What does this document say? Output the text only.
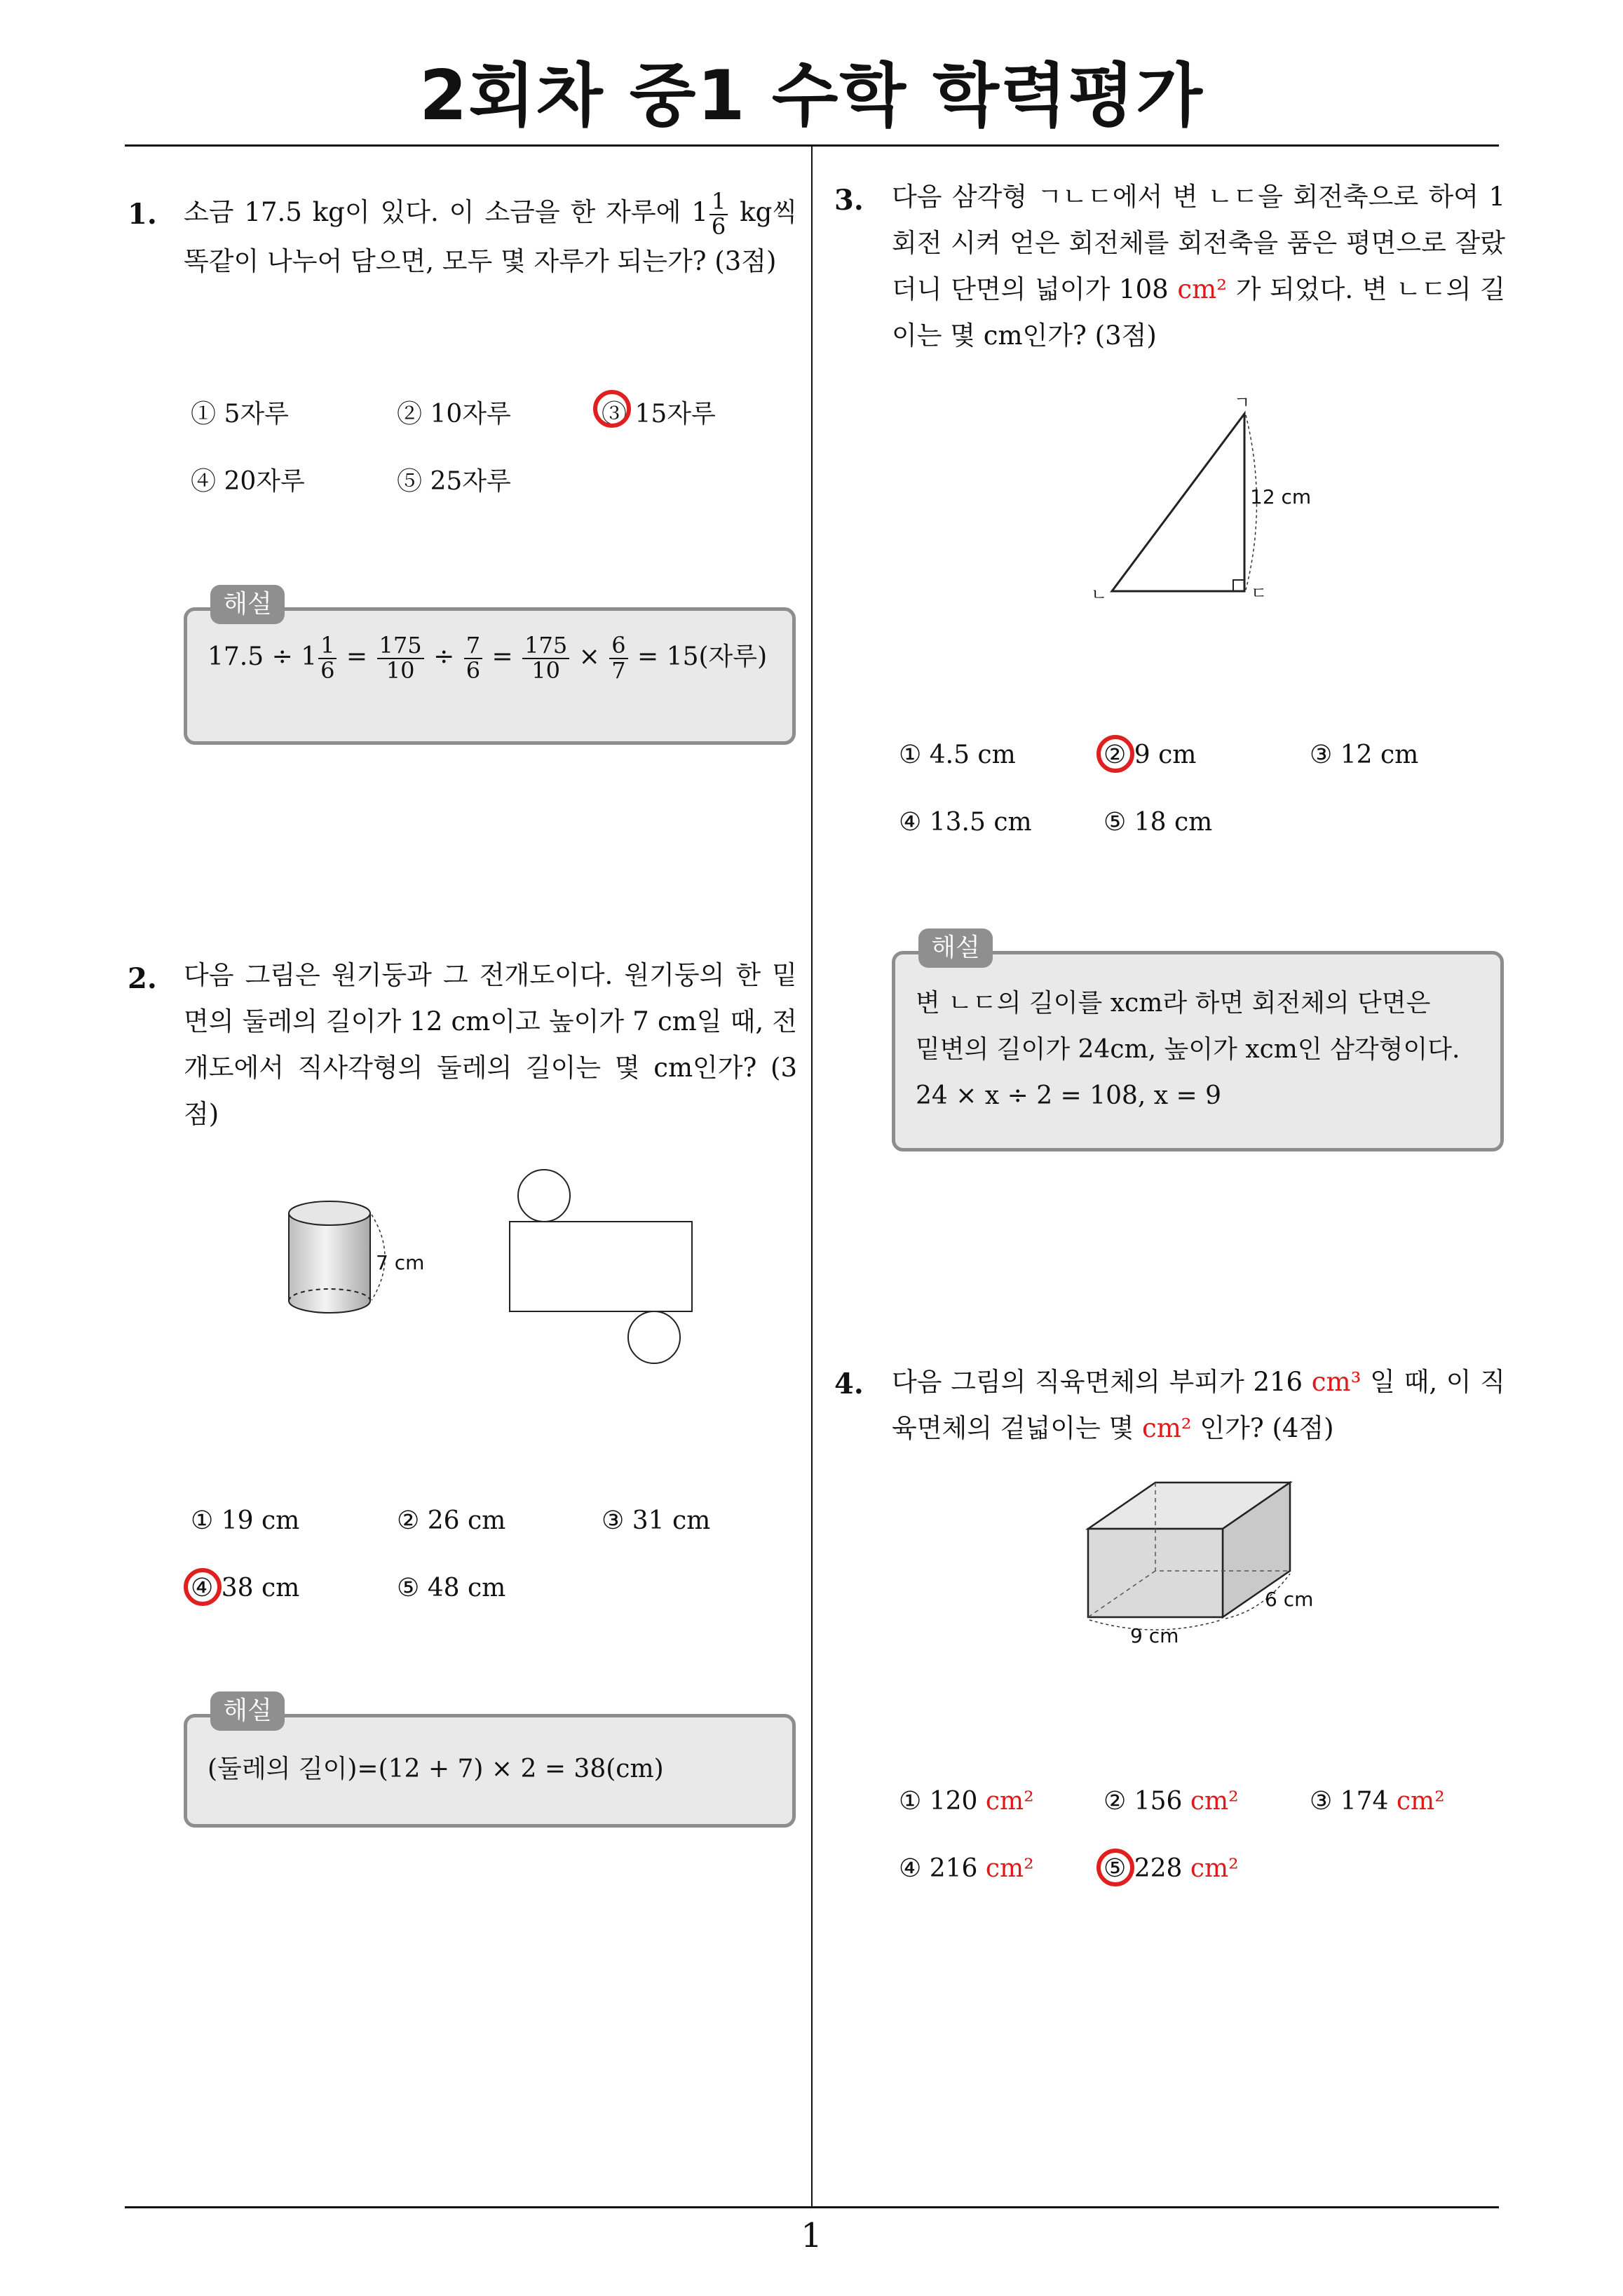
2회차 중1 수학 학력평가
1
1. 소금 17.5 kg이 있다. 이 소금을 한 자루에 $1 \frac{1}{6}$ kg씩 똑같이 나누어 담으면, 모두 몇 자루가 되는가? (3점)
① 5자루	② 10자루	③ 15자루
④ 20자루	⑤ 25자루
해설
$17.5 \div 1 \frac{1}{6} = \frac{175}{10} \div \frac{7}{6} = \frac{175}{10} \times \frac{6}{7} = 15$(자루)
2. 다음 그림은 원기둥과 그 전개도이다. 원기둥의 한 밑면의 둘레의 길이가 12 cm이고 높이가 7 cm일 때, 전개도에서 직사각형의 둘레의 길이는 몇 cm인가? (3점)
7 cm
① 19 cm	② 26 cm	③ 31 cm
④ 38 cm	⑤ 48 cm
해설
(둘레의 길이)=(12 + 7) × 2 = 38(cm)
3. 다음 삼각형 ㄱㄴㄷ에서 변 ㄴㄷ을 회전축으로 하여 1회전 시켜 얻은 회전체를 회전축을 품은 평면으로 잘랐더니 단면의 넓이가 108 cm² 가 되었다. 변 ㄴㄷ의 길이는 몇 cm인가? (3점)
12 cm
ㄱ
ㄴ	ㄷ
① 4.5 cm	② 9 cm	③ 12 cm
④ 13.5 cm	⑤ 18 cm
해설
변 ㄴㄷ의 길이를 xcm라 하면 회전체의 단면은
밑변의 길이가 24cm, 높이가 xcm인 삼각형이다.
24 × x ÷ 2 = 108, x = 9
4. 다음 그림의 직육면체의 부피가 216 cm³ 일 때, 이 직육면체의 겉넓이는 몇 cm² 인가? (4점)
9 cm
6 cm
① 120 cm²	② 156 cm²	③ 174 cm²
④ 216 cm²	⑤ 228 cm²
